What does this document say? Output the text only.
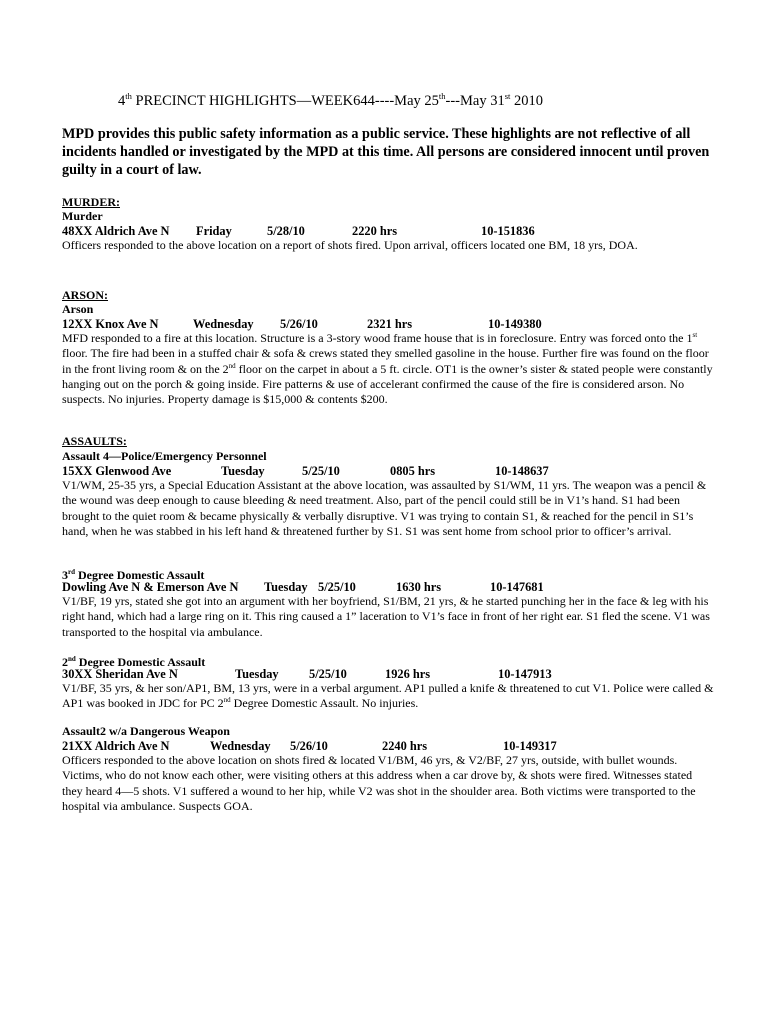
4th PRECINCT HIGHLIGHTS—WEEK644----May 25th---May 31st 2010
MPD provides this public safety information as a public service. These highlights are not reflective of all incidents handled or investigated by the MPD at this time. All persons are considered innocent until proven guilty in a court of law.
MURDER:
Murder
48XX Aldrich Ave N Friday	5/28/10	2220 hrs	10-151836
Officers responded to the above location on a report of shots fired. Upon arrival, officers located one BM, 18 yrs, DOA.
ARSON:
Arson
12XX Knox Ave N	Wednesday 5/26/10	2321 hrs	10-149380
MFD responded to a fire at this location. Structure is a 3-story wood frame house that is in foreclosure. Entry was forced onto the 1st floor. The fire had been in a stuffed chair & sofa & crews stated they smelled gasoline in the house. Further fire was found on the floor in the front living room & on the 2nd floor on the carpet in about a 5 ft. circle. OT1 is the owner’s sister & stated people were constantly hanging out on the porch & going inside. Fire patterns & use of accelerant confirmed the cause of the fire is considered arson. No suspects. No injuries. Property damage is $15,000 & contents $200.
ASSAULTS:
Assault 4—Police/Emergency Personnel
15XX Glenwood Ave	Tuesday	5/25/10	0805 hrs	10-148637
V1/WM, 25-35 yrs, a Special Education Assistant at the above location, was assaulted by S1/WM, 11 yrs. The weapon was a pencil & the wound was deep enough to cause bleeding & need treatment. Also, part of the pencil could still be in V1’s hand. S1 had been brought to the quiet room & became physically & verbally disruptive. V1 was trying to contain S1, & reached for the pencil in S1’s hand, when he was stabbed in his left hand & threatened further by S1. S1 was sent home from school prior to officer’s arrival.
3rd Degree Domestic Assault
Dowling Ave N & Emerson Ave N Tuesday 5/25/10	1630 hrs	10-147681
V1/BF, 19 yrs, stated she got into an argument with her boyfriend, S1/BM, 21 yrs, & he started punching her in the face & leg with his right hand, which had a large ring on it. This ring caused a 1” laceration to V1’s face in front of her right ear. S1 fled the scene. V1 was transported to the hospital via ambulance.
2nd Degree Domestic Assault
30XX Sheridan Ave N	Tuesday 5/25/10	1926 hrs	10-147913
V1/BF, 35 yrs, & her son/AP1, BM, 13 yrs, were in a verbal argument. AP1 pulled a knife & threatened to cut V1. Police were called & AP1 was booked in JDC for PC 2nd Degree Domestic Assault. No injuries.
Assault2 w/a Dangerous Weapon
21XX Aldrich Ave N	Wednesday 5/26/10	2240 hrs	10-149317
Officers responded to the above location on shots fired & located V1/BM, 46 yrs, & V2/BF, 27 yrs, outside, with bullet wounds. Victims, who do not know each other, were visiting others at this address when a car drove by, & shots were fired. Witnesses stated they heard 4—5 shots. V1 suffered a wound to her hip, while V2 was shot in the shoulder area. Both victims were transported to the hospital via ambulance. Suspects GOA.
